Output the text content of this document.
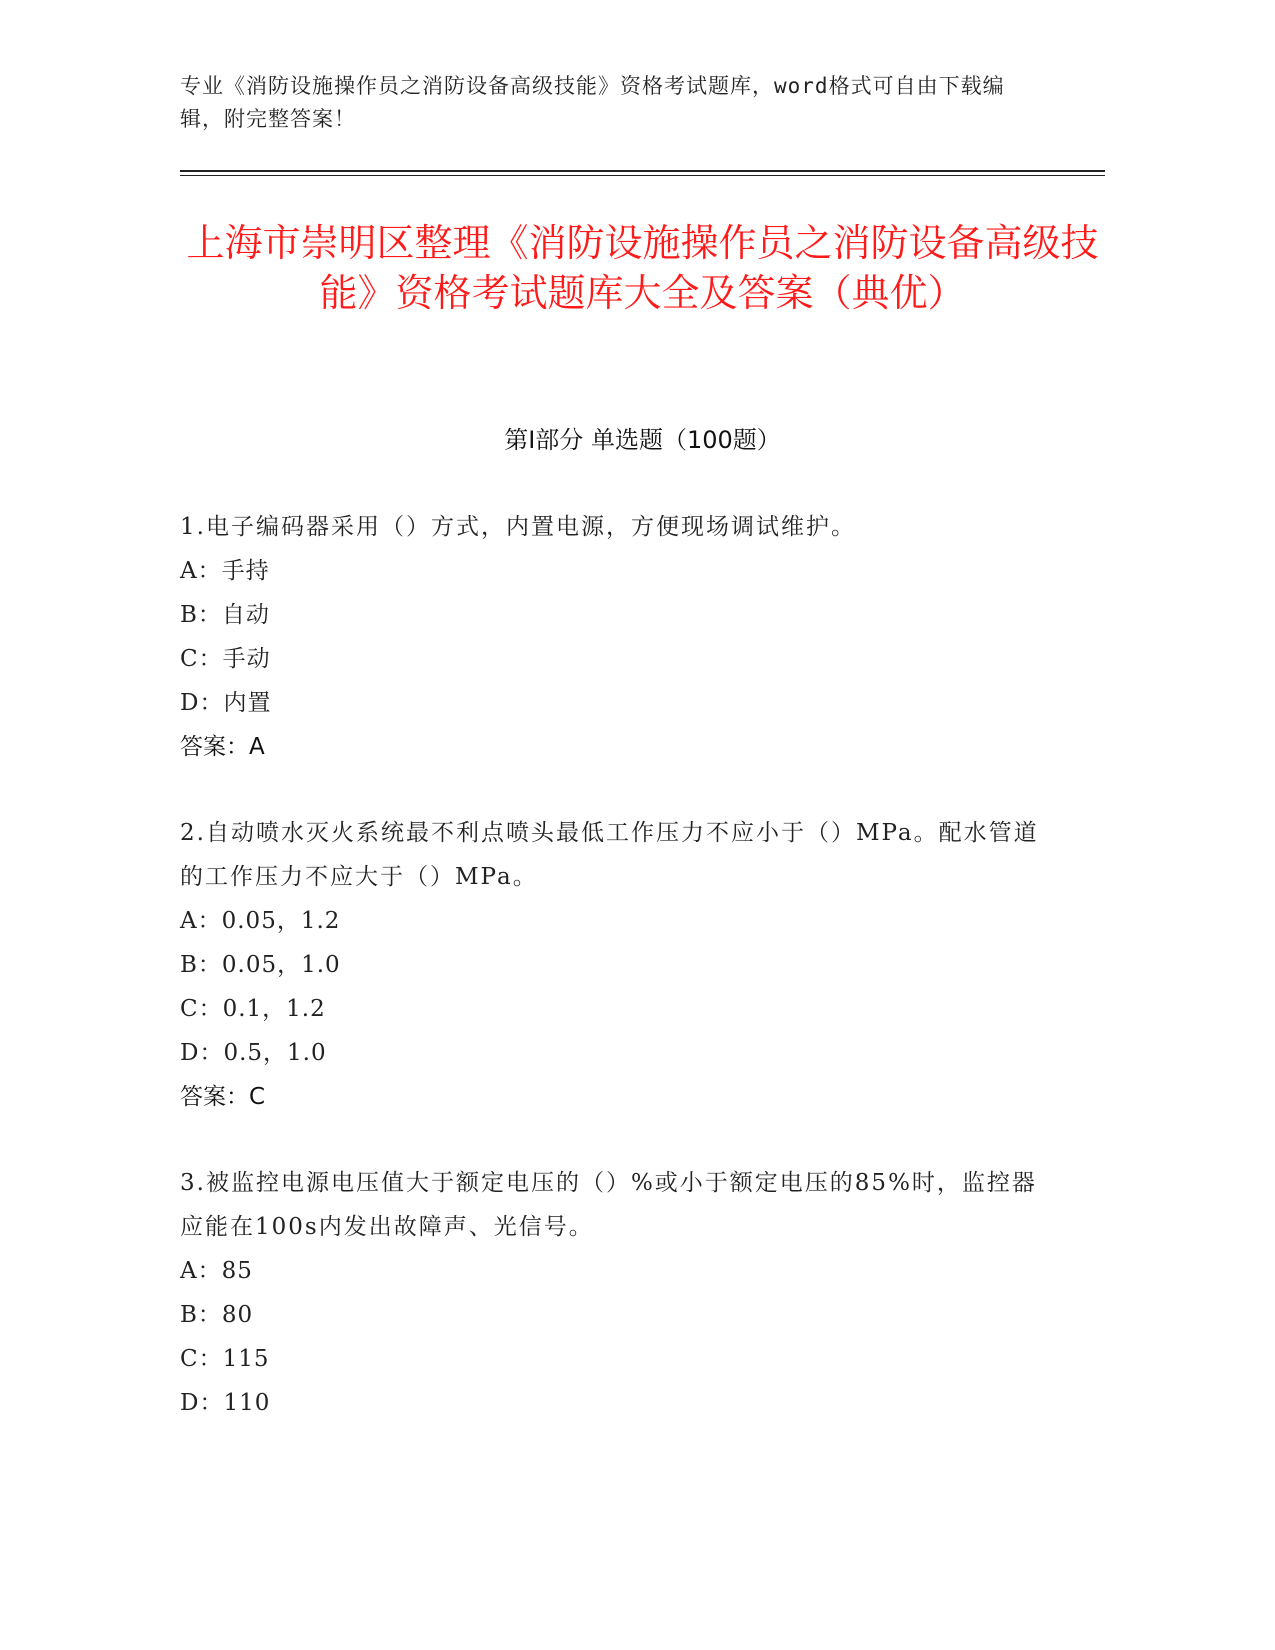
专业《消防设施操作员之消防设备高级技能》资格考试题库，word格式可自由下载编辑，附完整答案！
上海市崇明区整理《消防设施操作员之消防设备高级技能》资格考试题库大全及答案（典优）
第I部分 单选题（100题）
1.电子编码器采用（）方式，内置电源，方便现场调试维护。
A：手持
B：自动
C：手动
D：内置
答案：A
2.自动喷水灭火系统最不利点喷头最低工作压力不应小于（）MPa。配水管道的工作压力不应大于（）MPa。
A：0.05，1.2
B：0.05，1.0
C：0.1，1.2
D：0.5，1.0
答案：C
3.被监控电源电压值大于额定电压的（）%或小于额定电压的85%时，监控器应能在100s内发出故障声、光信号。
A：85
B：80
C：115
D：110
